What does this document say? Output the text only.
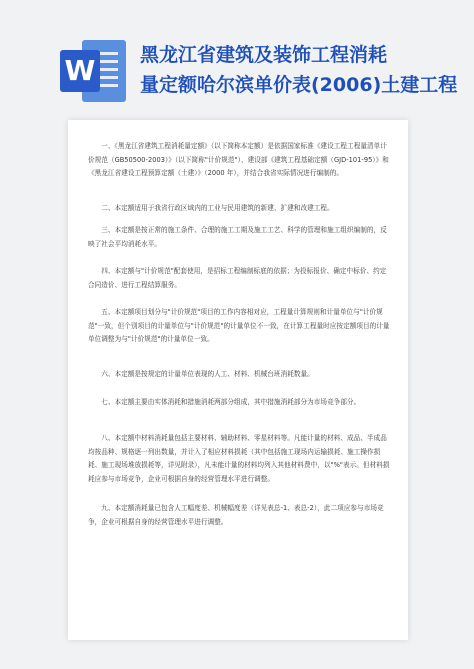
W 黑龙江省建筑及装饰工程消耗
量定额哈尔滨单价表(2006)土建工程

一、《黑龙江省建筑工程消耗量定额》（以下简称本定额）是依据国家标准《建设工程工程量清单计价规范（GB50500-2003）》（以下简称"计价规范"）、建设部《建筑工程基础定额（GJD-101-95）》和《黑龙江省建设工程预算定额（土建）》（2000 年），并结合我省实际情况进行编制的。

二、本定额适用于我省行政区域内的工业与民用建筑的新建、扩建和改建工程。

三、本定额是按正常的施工条件、合理的施工工期及施工工艺、科学的管理和施工组织编制的，反映了社会平均消耗水平。

四、本定额与"计价规范"配套使用，是招标工程编制标底的依据；为投标报价、确定中标价、约定合同造价、进行工程结算服务。

五、本定额项目划分与"计价规范"项目的工作内容相对应，工程量计算规则和计量单位与"计价规范"一致，但个别项目的计量单位与"计价规范"的计量单位不一致，在计算工程量时应按定额项目的计量单位调整为与"计价规范"的计量单位一致。

六、本定额是按规定的计量单位表现的人工、材料、机械台班消耗数量。

七、本定额主要由实体消耗和措施消耗两部分组成，其中措施消耗部分为市场竞争部分。

八、本定额中材料消耗量包括主要材料、辅助材料、零星材料等。凡能计量的材料、成品、半成品均按品种、规格逐一列出数量，并计入了相应材料损耗（其中包括施工现场内运输损耗、施工操作损耗、施工现场堆放损耗等，详见附录），凡未能计量的材料均列入其他材料费中，以"%"表示。但材料损耗应参与市场竞争，企业可根据自身的经营管理水平进行调整。

九、本定额消耗量已包含人工幅度差、机械幅度差（详见表总-1、表总-2），此二项应参与市场竞争，企业可根据自身的经营管理水平进行调整。
